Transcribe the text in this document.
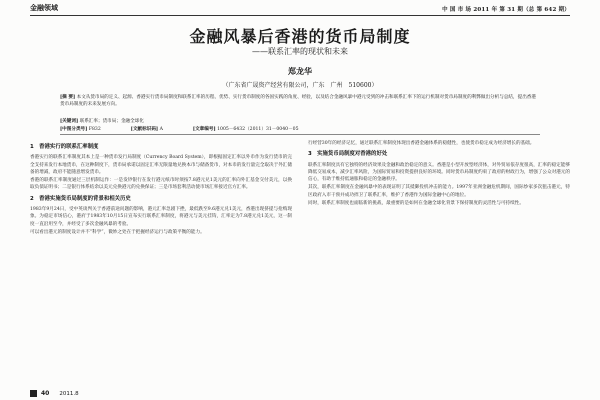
金融领域	中 国 市 场 2011 年 第 31 期（总 第 642 期）
金融风暴后香港的货币局制度
——联系汇率的现状和未来
郑龙华
（广东省广晟资产经营有限公司，广东　广州　510600）
[摘 要] 本文从货币局的定义、起源、香港实行货币局制度和联系汇率的历程、优势、实行货币制度的各国实践的角度、经验，以及结合金融风暴中港元受到的冲击和联系汇率下的运行机制对货币局制度的利弊做出分析与总结，提出香港货币局制度的未来发展方向。
[关键词] 联系汇率；货币局；金融全球化
[中图分类号] F832	[文献标识码] A	[文章编号] 1005－6432（2011）31－0040－05
1　香港实行的联系汇率制度

香港实行的联系汇率制度其本上是一种货币发行局制度（Currency Board System），即根据固定汇率以外币作为发行货币的完全支持来发行本地货币，在这种制度下，货币局承诺以固定汇率无限量地兑换本币与储备货币，对本币的发行量完全取决于外汇储备的增减，政府不能随意增发货币。

香港的联系汇率制度通过三层机制运作：一是发钞银行在发行港元纸币时须按7.8港元兑1美元的汇率向外汇基金交付美元，以换取负债证明书；二是银行体系结余以美元兑换港元的兑换保证；三是市场套利活动使市场汇率接近官方汇率。

2　香港实施货币局制度的背景和相关历史

1983年9月24日，受中英谈判关于香港前途问题的影响，港元汇率急剧下挫，最低跌至9.6港元兑1美元，香港出现挤提与抢购现象。为稳定市场信心，港府于1983年10月15日宣布实行联系汇率制度，将港元与美元挂钩，汇率定为7.8港元兑1美元，这一制度一直沿用至今，并经受了多次金融风暴的考验。

可以看出港元的制度设计并不“科学”，微妙之处在于把握经济运行与政策平衡的能力。

行经营30年的经济记忆，通过联系汇率制度体现出香港金融体系的稳健性，也使货币稳定成为经济增长的基础。

3　实施货币局制度对香港的好处

联系汇率制度具有它独特的经济效果及金融和政治稳定的意义。香港是小型开放型经济体，对外贸易依存度很高，汇率的稳定能够降低交易成本，减少汇率风险，为国际贸易和投资提供良好的环境。同时货币局制度约束了政府的财政行为，增强了公众对港元的信心，有助于维持低通胀和稳定的金融秩序。

其次，联系汇率制度在金融风暴中的表现证明了其抵御投机冲击的能力。1997年亚洲金融危机期间，国际炒家多次狙击港元，特区政府入市干预并成功捍卫了联系汇率，维护了香港作为国际金融中心的地位。

同时，联系汇率制度也面临新的挑战，最重要的是如何在金融全球化背景下保持制度的灵活性与可持续性。

40 2011.8
